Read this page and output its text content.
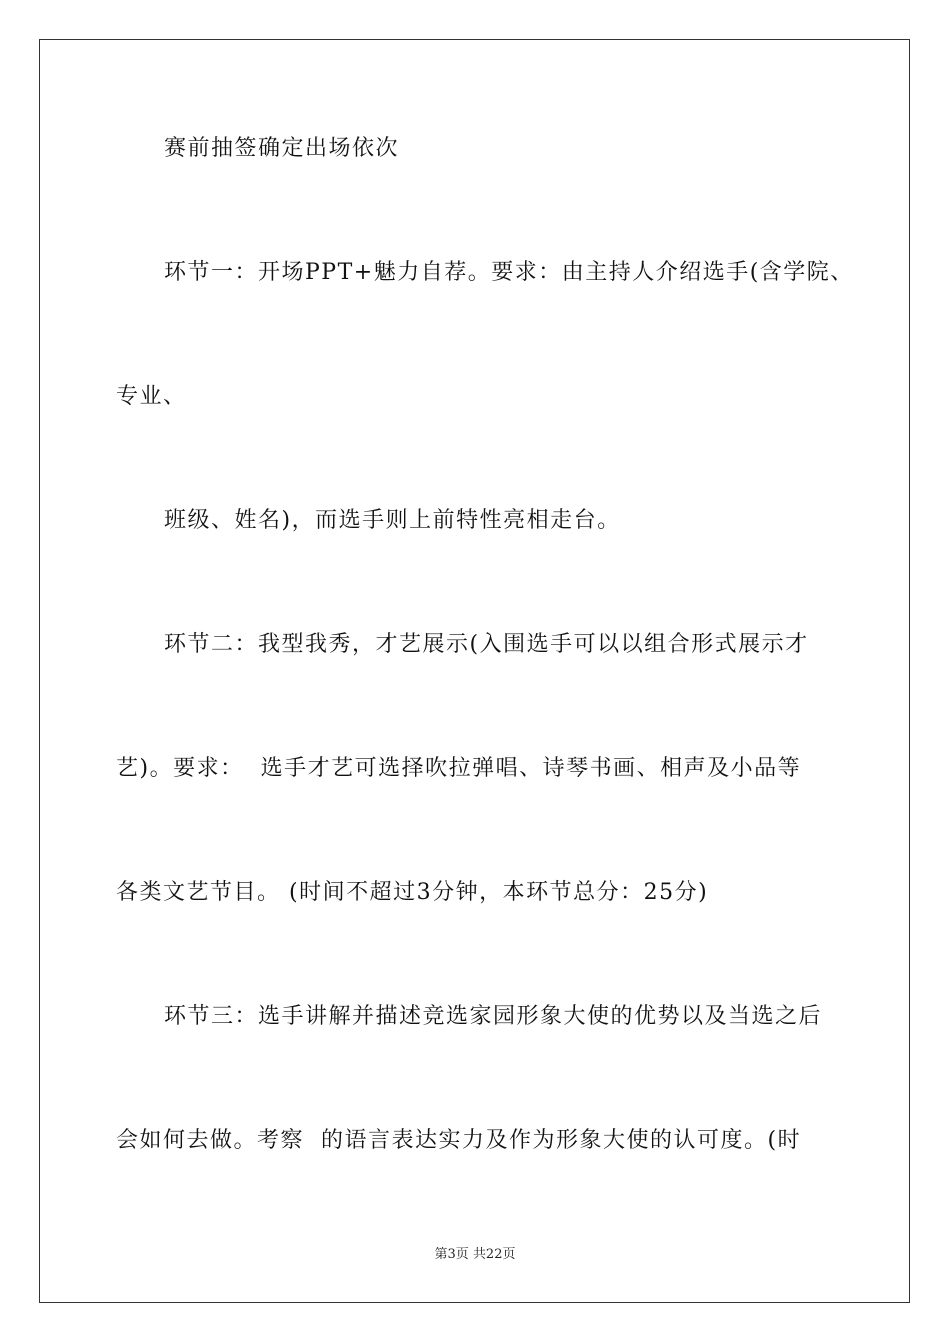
赛前抽签确定出场依次
环节一：开场PPT+魅力自荐。要求：由主持人介绍选手(含学院、
专业、
班级、姓名)，而选手则上前特性亮相走台。
环节二：我型我秀，才艺展示(入围选手可以以组合形式展示才
艺)。要求：  选手才艺可选择吹拉弹唱、诗琴书画、相声及小品等
各类文艺节目。 (时间不超过3分钟，本环节总分：25分)
环节三：选手讲解并描述竞选家园形象大使的优势以及当选之后
会如何去做。考察  的语言表达实力及作为形象大使的认可度。(时
第3页 共22页
